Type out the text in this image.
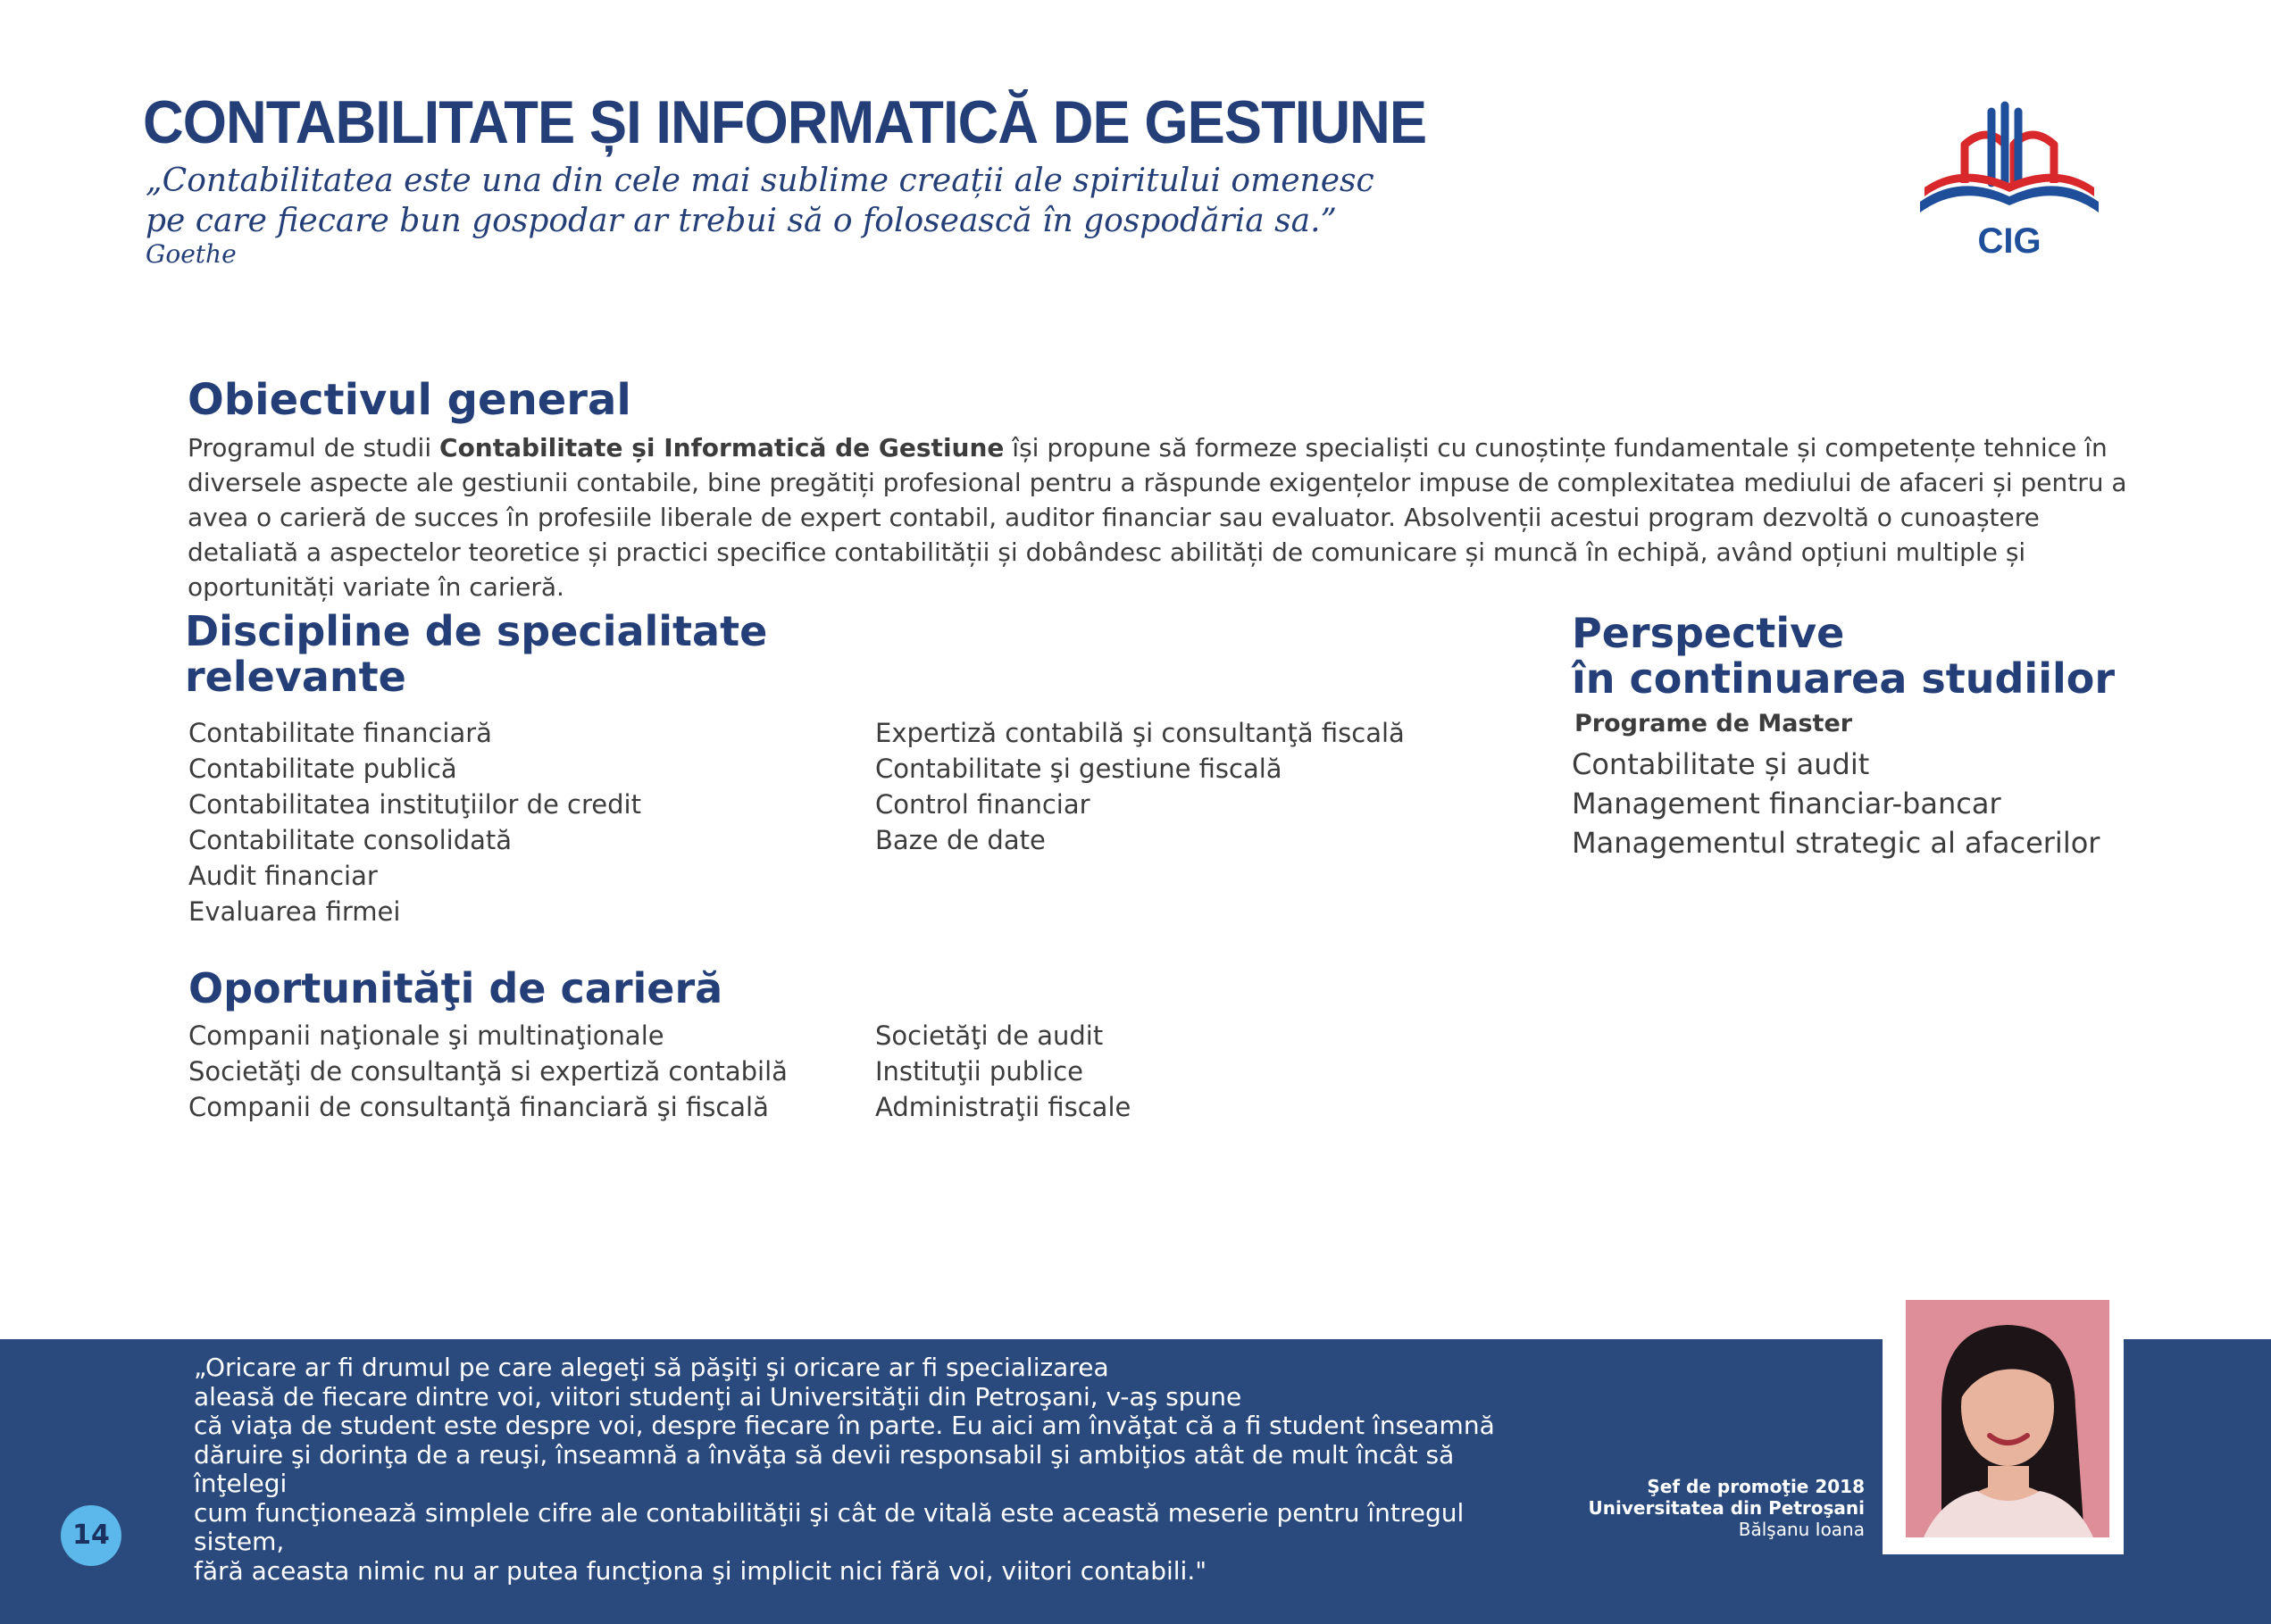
CONTABILITATE ȘI INFORMATICĂ DE GESTIUNE
„Contabilitatea este una din cele mai sublime creații ale spiritului omenesc
pe care fiecare bun gospodar ar trebui să o folosească în gospodăria sa.”
Goethe	CIG
Obiectivul general
Programul de studii Contabilitate și Informatică de Gestiune își propune să formeze specialiști cu cunoștințe fundamentale și competențe tehnice în diversele aspecte ale gestiunii contabile, bine pregătiți profesional pentru a răspunde exigențelor impuse de complexitatea mediului de afaceri și pentru a avea o carieră de succes în profesiile liberale de expert contabil, auditor financiar sau evaluator. Absolvenții acestui program dezvoltă o cunoaștere detaliată a aspectelor teoretice și practici specifice contabilității și dobândesc abilități de comunicare și muncă în echipă, având opțiuni multiple și oportunități variate în carieră.
Discipline de specialitate
relevante
Contabilitate financiară
Contabilitate publică
Contabilitatea instituţiilor de credit
Contabilitate consolidată
Audit financiar
Evaluarea firmei
Expertiză contabilă şi consultanţă fiscală
Contabilitate şi gestiune fiscală
Control financiar
Baze de date
Oportunităţi de carieră
Companii naţionale şi multinaţionale
Societăţi de consultanţă si expertiză contabilă
Companii de consultanţă financiară şi fiscală
Societăţi de audit
Instituţii publice
Administraţii fiscale
Perspective
în continuarea studiilor
Programe de Master
Contabilitate și audit
Management financiar-bancar
Managementul strategic al afacerilor
„Oricare ar fi drumul pe care alegeţi să păşiţi şi oricare ar fi specializarea
aleasă de fiecare dintre voi, viitori studenţi ai Universităţii din Petroşani, v-aş spune
că viaţa de student este despre voi, despre fiecare în parte. Eu aici am învăţat că a fi student înseamnă
dăruire şi dorinţa de a reuşi, înseamnă a învăţa să devii responsabil şi ambiţios atât de mult încât să înţelegi
cum funcţionează simplele cifre ale contabilităţii şi cât de vitală este această meserie pentru întregul sistem,
fără aceasta nimic nu ar putea funcţiona şi implicit nici fără voi, viitori contabili."
14
Şef de promoţie 2018
Universitatea din Petroşani
Bălşanu Ioana
